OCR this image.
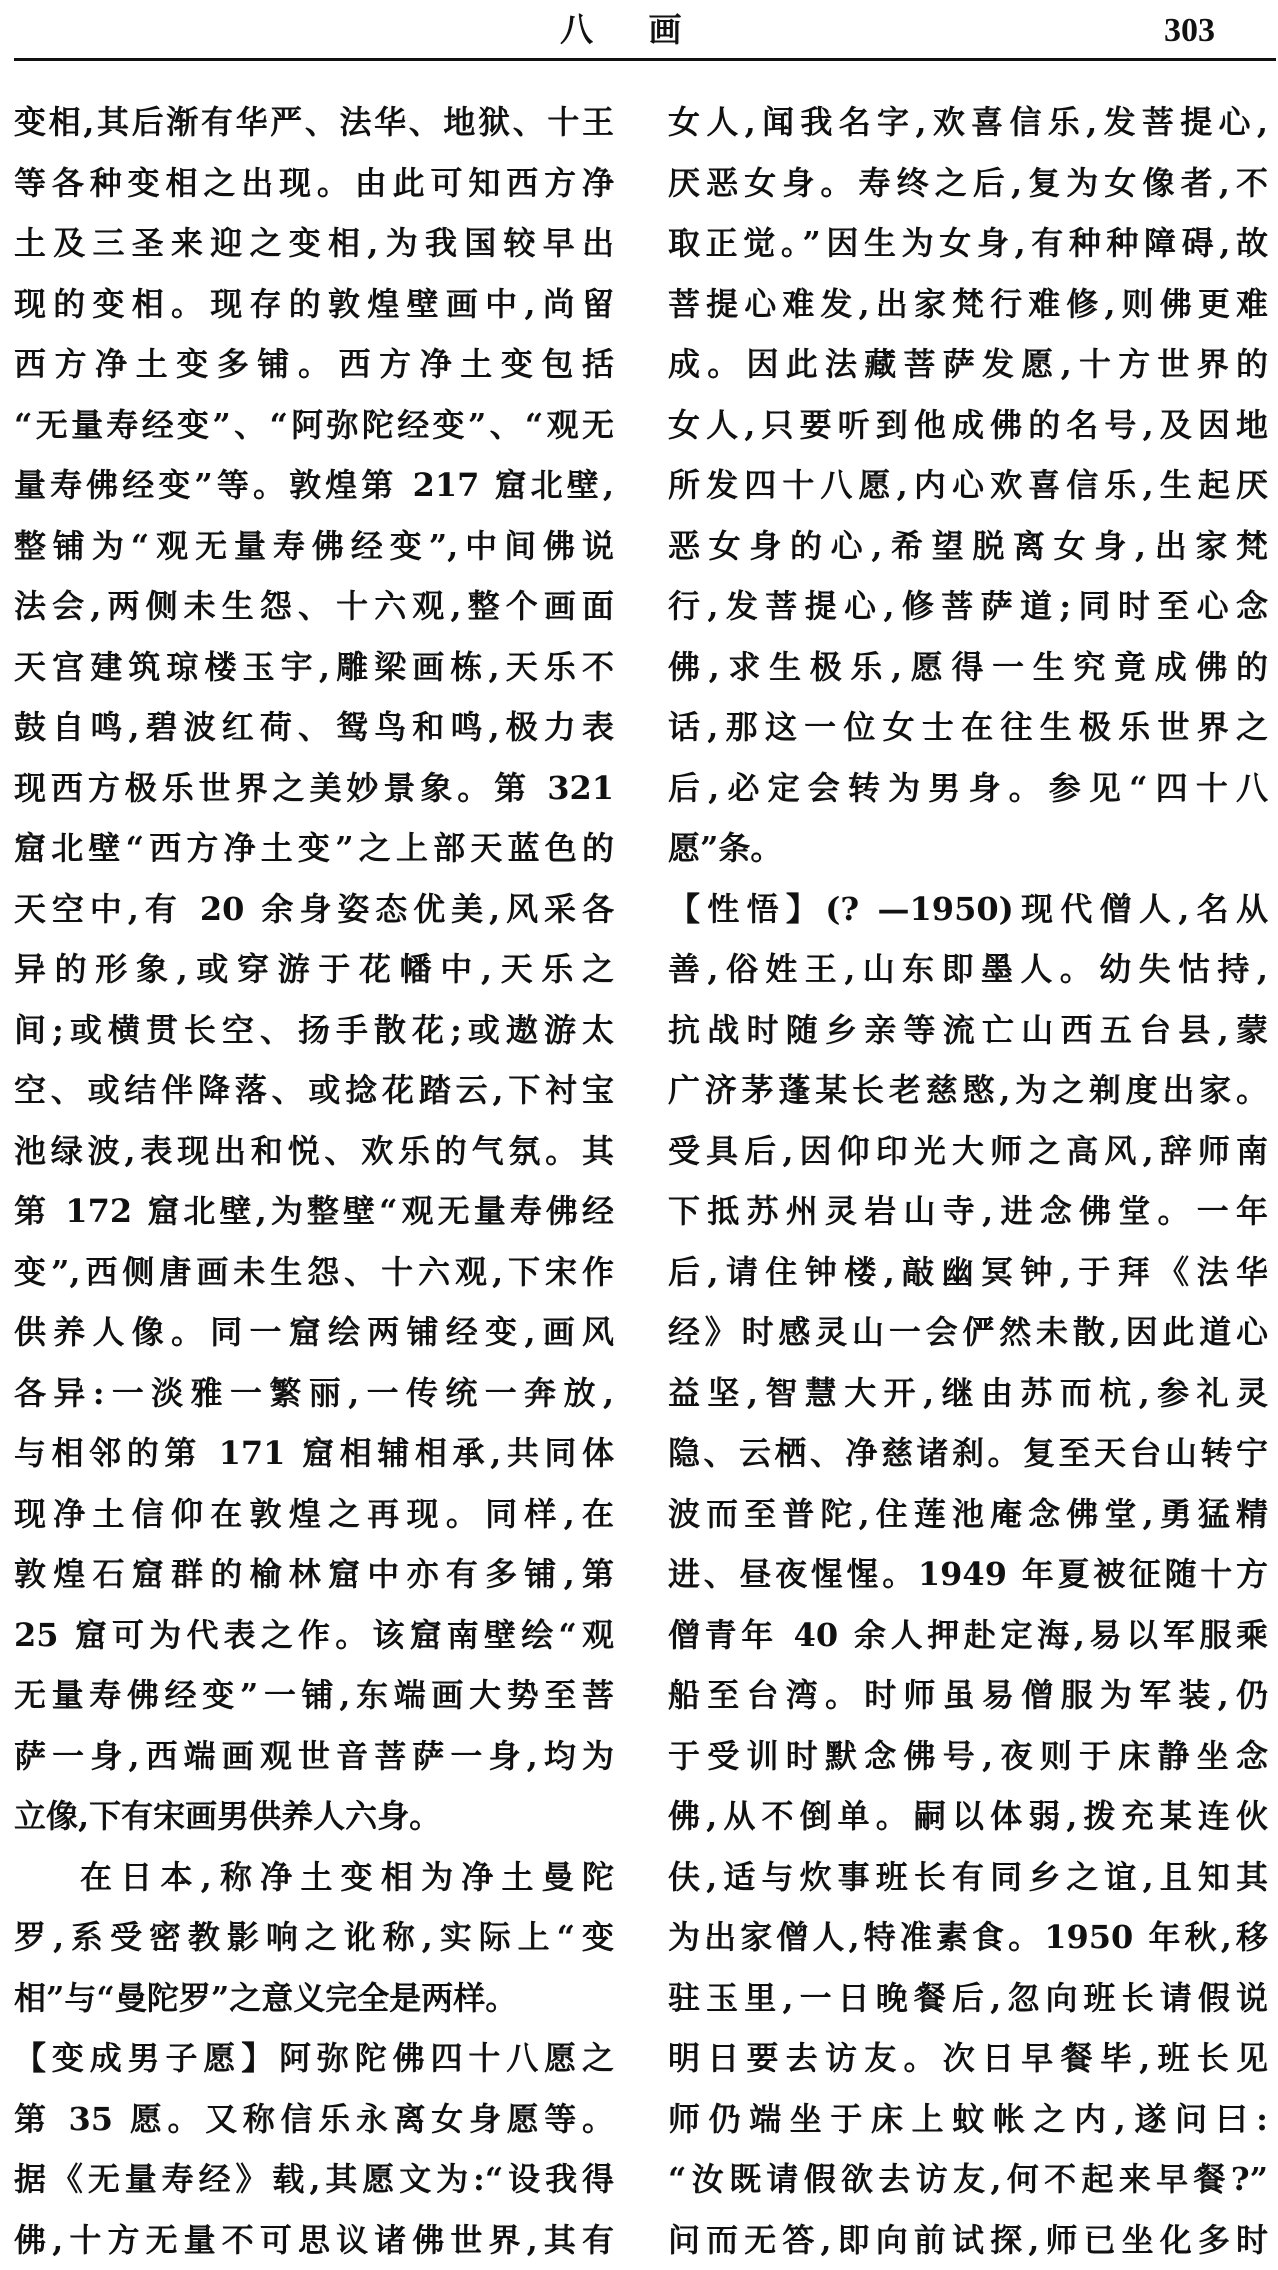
八 画	303
变相,其后渐有华严、法华、地狱、十王
等各种变相之出现。由此可知西方净
土及三圣来迎之变相,为我国较早出
现的变相。现存的敦煌壁画中,尚留
西方净土变多铺。西方净土变包括
“无量寿经变”、“阿弥陀经变”、“观无
量寿佛经变”等。敦煌第 217 窟北壁,
整铺为“观无量寿佛经变”,中间佛说
法会,两侧未生怨、十六观,整个画面
天宫建筑琼楼玉宇,雕梁画栋,天乐不
鼓自鸣,碧波红荷、鸳鸟和鸣,极力表
现西方极乐世界之美妙景象。第 321
窟北壁“西方净土变”之上部天蓝色的
天空中,有 20 余身姿态优美,风采各
异的形象,或穿游于花幡中,天乐之
间;或横贯长空、扬手散花;或遨游太
空、或结伴降落、或捻花踏云,下衬宝
池绿波,表现出和悦、欢乐的气氛。其
第 172 窟北壁,为整壁“观无量寿佛经
变”,西侧唐画未生怨、十六观,下宋作
供养人像。同一窟绘两铺经变,画风
各异:一淡雅一繁丽,一传统一奔放,
与相邻的第 171 窟相辅相承,共同体
现净土信仰在敦煌之再现。同样,在
敦煌石窟群的榆林窟中亦有多铺,第
25 窟可为代表之作。该窟南壁绘“观
无量寿佛经变”一铺,东端画大势至菩
萨一身,西端画观世音菩萨一身,均为
立像,下有宋画男供养人六身。
在日本,称净土变相为净土曼陀
罗,系受密教影响之讹称,实际上“变
相”与“曼陀罗”之意义完全是两样。
【变成男子愿】阿弥陀佛四十八愿之
第 35 愿。又称信乐永离女身愿等。
据《无量寿经》载,其愿文为:“设我得
佛,十方无量不可思议诸佛世界,其有
女人,闻我名字,欢喜信乐,发菩提心,
厌恶女身。寿终之后,复为女像者,不
取正觉。”因生为女身,有种种障碍,故
菩提心难发,出家梵行难修,则佛更难
成。因此法藏菩萨发愿,十方世界的
女人,只要听到他成佛的名号,及因地
所发四十八愿,内心欢喜信乐,生起厌
恶女身的心,希望脱离女身,出家梵
行,发菩提心,修菩萨道;同时至心念
佛,求生极乐,愿得一生究竟成佛的
话,那这一位女士在往生极乐世界之
后,必定会转为男身。参见“四十八
愿”条。
【性悟】(? —1950)现代僧人,名从
善,俗姓王,山东即墨人。幼失怙持,
抗战时随乡亲等流亡山西五台县,蒙
广济茅蓬某长老慈愍,为之剃度出家。
受具后,因仰印光大师之高风,辞师南
下抵苏州灵岩山寺,进念佛堂。一年
后,请住钟楼,敲幽冥钟,于拜《法华
经》时感灵山一会俨然未散,因此道心
益坚,智慧大开,继由苏而杭,参礼灵
隐、云栖、净慈诸刹。复至天台山转宁
波而至普陀,住莲池庵念佛堂,勇猛精
进、昼夜惺惺。1949 年夏被征随十方
僧青年 40 余人押赴定海,易以军服乘
船至台湾。时师虽易僧服为军装,仍
于受训时默念佛号,夜则于床静坐念
佛,从不倒单。嗣以体弱,拨充某连伙
伕,适与炊事班长有同乡之谊,且知其
为出家僧人,特准素食。1950 年秋,移
驻玉里,一日晚餐后,忽向班长请假说
明日要去访友。次日早餐毕,班长见
师仍端坐于床上蚊帐之内,遂问曰:
“汝既请假欲去访友,何不起来早餐?”
问而无答,即向前试探,师已坐化多时
